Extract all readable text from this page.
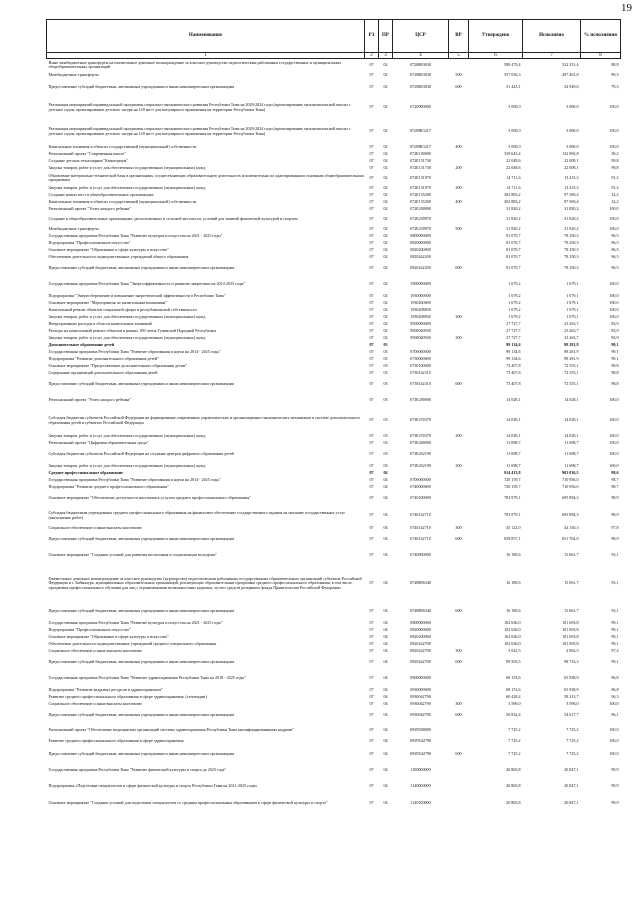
19
Наименование	РЗ	ПР	ЦСР	ВР	Утверждено	Исполнено	% исполнения
1	2	3	4	5	6	7	8
Иные межбюджетные трансферты на ежемесячное денежное вознаграждение за классное руководство педагогическим работникам государственных и муниципальных общеобразовательных организаций	07	02	07208R3030		588 479,4	522 351,4	88,8
Межбюджетные трансферты	07	02	07208R3030	500	557 036,3	497 401,8	89,3
Предоставление субсидий бюджетным, автономным учреждениям и иным некоммерческим организациям	07	02	07208R3030	600	31 443,1	24 949,6	79,3
Реализация мероприятий индивидуальной программы социально-экономического развития Республики Тыва на 2020-2024 годы (проектирование малокомплектной школы с детским садом, проектирование детского лагеря на 120 мест для популярного применения на территории Республики Тыва)	07	02	0720900000		3 000,0	3 000,0	100,0
Реализация мероприятий индивидуальной программы социально-экономического развития Республики Тыва на 2020-2024 годы (проектирование малокомплектной школы с детским садом, проектирование детского лагеря на 120 мест для популярного применения на территории Республики Тыва)	07	02	07209R321T		3 000,0	3 000,0	100,0
Капитальные вложения в объекты государственной (муниципальной) собственности	07	02	07209R321T	400	3 000,0	3 000,0	100,0
Региональный проект "Современная школа"	07	02	072E100000		339 643,4	132 992,8	39,2
Создание детских технопарков "Кванториум"	07	02	072E151730		22 048,6	22 008,1	99,8
Закупка товаров, работ и услуг для обеспечения государственных (муниципальных) нужд	07	02	072E151730	200	22 048,6	22 008,1	99,8
Обновление материально-технической базы в организациях, осуществляющих образовательную деятельность исключительно по адаптированным основным общеобразовательным программам	07	02	072E151870		14 711,6	13 415,3	91,2
Закупка товаров, работ и услуг для обеспечения государственных (муниципальных) нужд	07	02	072E151870	200	14 711,6	13 415,3	91,2
Создание новых мест в общеобразовательных организациях	07	02	072E155200		302 883,2	97 569,4	32,2
Капитальные вложения в объекты государственной (муниципальной) собственности	07	02	072E155200	400	302 883,2	97 569,4	32,2
Региональный проект "Успех каждого ребенка"	07	02	072E200000		31 820,2	31 820,2	100,0
Создание в общеобразовательных организациях, расположенных в сельской местности, условий для занятий физической культурой и спортом	07	02	072E250970		31 820,2	31 820,2	100,0
Межбюджетные трансферты	07	02	072E250970	500	31 820,2	31 820,2	100,0
Государственная программа Республики Тыва "Развитие культуры и искусства на 2021 - 2025 годы"	07	02	0800000000		81 070,7	78 250,3	96,5
Подпрограмма "Профессиональное искусство"	07	02	0820000000		81 070,7	78 250,3	96,5
Основное мероприятие "Образование в сфере культуры и искусства"	07	02	0820200000		81 070,7	78 250,3	96,5
Обеспечение деятельности подведомственных учреждений общего образования	07	02	0820242200		81 070,7	78 250,3	96,5
Предоставление субсидий бюджетным, автономным учреждениям и иным некоммерческим организациям	07	02	0820242200	600	81 070,7	78 250,3	96,5
Государственная программа Республики Тыва "Энергоэффективность и развитие энергетики на 2014-2025 годы"	07	02	1900000000		1 679,2	1 679,1	100,0
Подпрограмма "Энергосбережение и повышение энергетической эффективности в Республике Тыва"	07	02	1930000000		1 679,2	1 679,1	100,0
Основное мероприятие "Мероприятия по капитальным вложениям"	07	02	1930200000		1 679,2	1 679,1	100,0
Капитальный ремонт объектов социальной сферы и республиканской собственности	07	02	1930208830		1 679,2	1 679,1	100,0
Закупка товаров, работ и услуг для обеспечения государственных (муниципальных) нужд	07	02	1930208830	200	1 679,2	1 679,1	100,0
Непрограммные расходы в области капитальных вложений	07	02	9500000000		27 727,7	23 263,7	83,9
Расходы на капитальный ремонт объектов в рамках 100-летия Тувинской Народной Республики	07	02	9500040930		27 727,7	23 263,7	83,9
Закупка товаров, работ и услуг для обеспечения государственных (муниципальных) нужд	07	02	9500040930	200	27 727,7	23 263,7	83,9
Дополнительное образование детей	07	03			99 134,6	98 281,9	99,1
Государственная программа Республики Тыва "Развитие образования и науки на 2014 - 2025 годы"	07	03	0700000000		99 134,6	98 281,9	99,1
Подпрограмма "Развитие дополнительного образования детей"	07	03	0730000000		99 134,6	98 281,9	99,1
Основное мероприятие "Предоставление дополнительного образования детям"	07	03	0730100000		73 407,8	72 555,1	98,8
Содержание организаций дополнительного образования детей	07	03	0730142310		73 407,8	72 555,1	98,8
Предоставление субсидий бюджетным, автономным учреждениям и иным некоммерческим организациям	07	03	0730142310	600	73 407,8	72 555,1	98,8
Региональный проект "Успех каждого ребенка"	07	03	073E200000		14 028,1	14 028,1	100,0
Субсидия бюджетам субъектов Российской Федерации на формирование современных управленческих и организационно-экономических механизмов в системе дополнительного образования детей в субъектах Российской Федерации	07	03	073E255370		14 028,1	14 028,1	100,0
Закупка товаров, работ и услуг для обеспечения государственных (муниципальных) нужд	07	03	073E255370	200	14 028,1	14 028,1	100,0
Региональный проект "Цифровая образовательная среда"	07	03	073E400000		11 698,7	11 698,7	100,0
Субсидия бюджетам субъектов Российской Федерации на создание центров цифрового образования детей	07	03	073E452190		11 698,7	11 698,7	100,0
Закупка товаров, работ и услуг для обеспечения государственных (муниципальных) нужд	07	03	073E452190	200	11 698,7	11 698,7	100,0
Среднее профессиональное образование	07	04			914 413,8	902 036,5	98,6
Государственная программа Республики Тыва "Развитие образования и науки на 2014 - 2025 годы"	07	04	0700000000		720 159,7	710 956,0	98,7
Подпрограмма "Развитие среднего профессионального образования"	07	04	0740000000		720 159,7	710 956,0	98,7
Основное мероприятие "Обеспечение доступности населения к услугам среднего профессионального образования"	07	04	0740100000		703 979,1	695 894,3	98,9
Субсидия бюджетным учреждениям среднего профессионального образования на финансовое обеспечение государственного задания на оказание государственных услуг (выполнение работ)	07	04	0740142710		703 979,1	695 894,3	98,9
Социальное обеспечение и иные выплаты населению	07	04	0740142710	300	45 122,0	44 130,3	97,8
Предоставление субсидий бюджетным, автономным учреждениям и иным некоммерческим организациям	07	04	0740142710	600	658 857,1	651 764,0	98,9
Основное мероприятие "Создание условий для развития воспитания и социализации молодежи"	07	04	0740800000		16 180,6	15 061,7	93,1
Ежемесячное денежное вознаграждение за классное руководство (кураторство) педагогическим работникам государственных образовательных организаций субъектов Российской Федерации и г. Байконура, муниципальных образовательных организаций, реализующих образовательные программы среднего профессионального образования, в том числе программы профессионального обучения для лиц с ограниченными возможностями здоровья, за счет средств резервного фонда Правительства Российской Федерации	07	04	07408R6340		16 180,6	15 061,7	93,1
Предоставление субсидий бюджетным, автономным учреждениям и иным некоммерческим организациям	07	04	07408R6340	600	16 180,6	15 061,7	93,1
Государственная программа Республики Тыва "Развитие культуры и искусства на 2021 - 2025 годы"	07	04	0800000000		102 636,0	101 693,8	99,1
Подпрограмма "Профессиональное искусство"	07	04	0820000000		102 636,0	101 693,8	99,1
Основное мероприятие "Образование в сфере культуры и искусства"	07	04	0820200000		102 636,0	101 693,8	99,1
Обеспечение деятельности подведомственных учреждений среднего-специального образования	07	04	0820242700		102 636,0	101 695,8	99,1
Социальное обеспечение и иные выплаты населению	07	04	0820242700	300	3 042,5	2 962,5	97,4
Предоставление субсидий бюджетным, автономным учреждениям и иным некоммерческим организациям	07	04	0820242700	600	99 593,5	98 733,3	99,1
Государственная программа Республики Тыва "Развитие здравоохранения Республики Тыва на 2018 - 2025 годы"	07	04	0900000000		68 153,6	65 938,9	96,8
Подпрограмма "Развитие кадровых ресурсов в здравоохранении"	07	04	0930000000		68 153,6	65 938,9	96,8
Развитие среднего профессионального образования в сфере здравоохранения. (стипендии)	07	04	0930042790		60 428,4	58 213,7	96,3
Социальное обеспечение и иные выплаты населению	07	04	0930042790	300	3 596,0	3 596,0	100,0
Предоставление субсидий бюджетным, автономным учреждениям и иным некоммерческим организациям	07	04	0930042790	600	56 832,4	54 617,7	96,1
Региональный проект "Обеспечение медицинских организаций системы здравоохранения Республики Тыва квалифицированными кадрами"	07	04	093N500000		7 725,2	7 725,2	100,0
Развитие среднего профессионального образования в сфере здравоохранения	07	04	093N542790		7 725,2	7 725,2	100,0
Предоставление субсидий бюджетным, автономным учреждениям и иным некоммерческим организациям	07	04	093N542790	600	7 725,2	7 725,2	100,0
Государственная программа Республики Тыва "Развитие физической культуры и спорта до 2025 года"	07	04	1100000000		20 865,8	20 847,1	99,9
Подпрограмма «Подготовка специалистов в сфере физической культуры и спорта Республики Тыва на 2021-2025 годы»	07	04	1140000000		20 865,8	20 847,1	99,9
Основное мероприятие "Создание условий для подготовки специалистов со средним профессиональным образованием в сфере физической культуры и спорта"	07	04	1140100000		20 865,8	20 847,1	99,9
